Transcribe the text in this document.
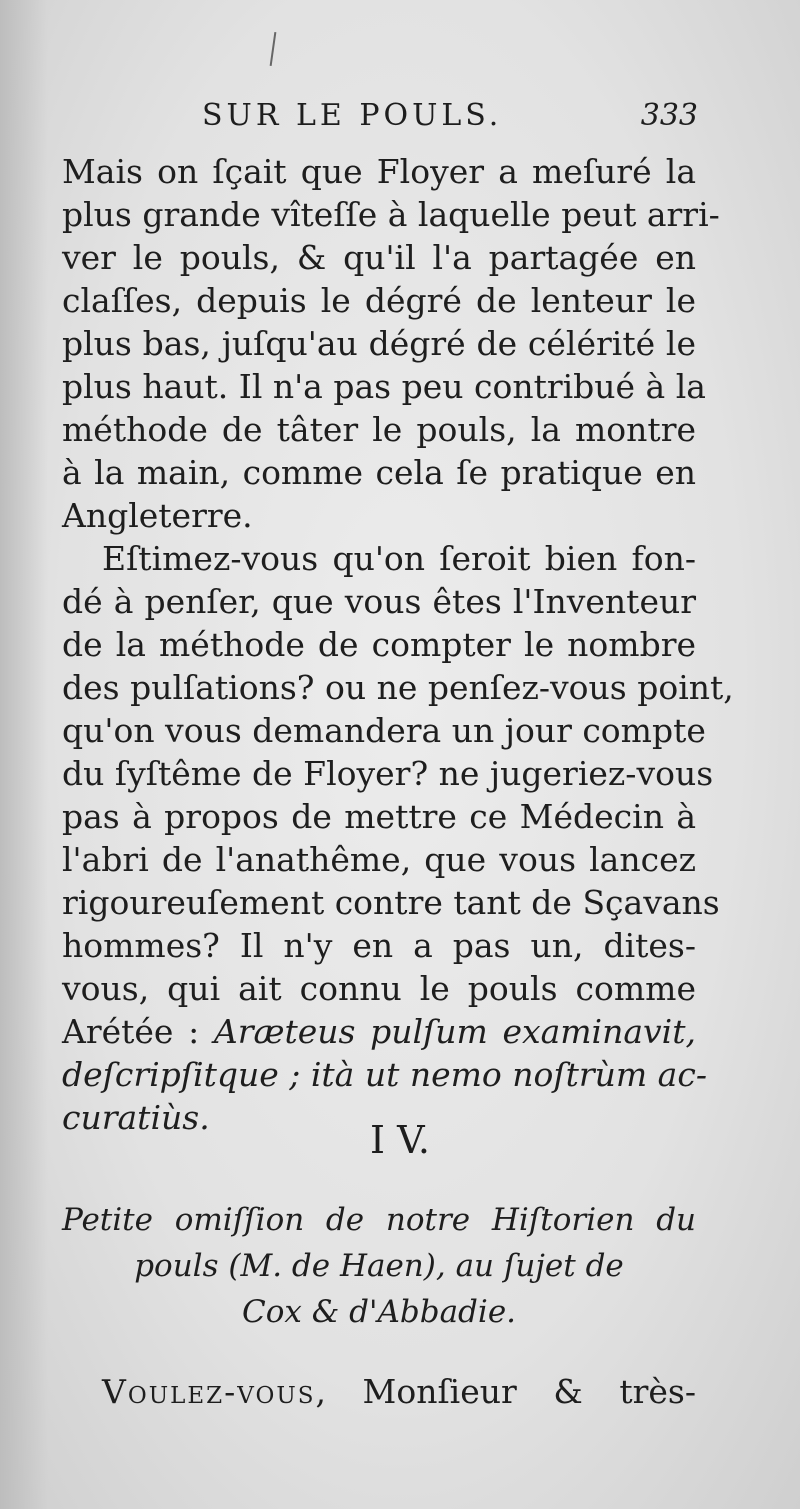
SUR LE POULS.	333
Mais on ſçait que Floyer a meſuré la
plus grande vîteſſe à laquelle peut arri-
ver le pouls, & qu'il l'a partagée en
claſſes, depuis le dégré de lenteur le
plus bas, juſqu'au dégré de célérité le
plus haut. Il n'a pas peu contribué à la
méthode de tâter le pouls, la montre
à la main, comme cela ſe pratique en
Angleterre.
Eſtimez-vous qu'on ſeroit bien fon-
dé à penſer, que vous êtes l'Inventeur
de la méthode de compter le nombre
des pulſations? ou ne penſez-vous point,
qu'on vous demandera un jour compte
du ſyſtême de Floyer? ne jugeriez-vous
pas à propos de mettre ce Médecin à
l'abri de l'anathême, que vous lancez
rigoureuſement contre tant de Sçavans
hommes? Il n'y en a pas un, dites-
vous, qui ait connu le pouls comme
Arétée : Aræteus pulſum examinavit,
deſcripſitque ; ità ut nemo noſtrùm ac-
curatiùs.
I V.
Petite omiſſion de notre Hiſtorien du
pouls (M. de Haen), au ſujet de
Cox & d'Abbadie.
Voulez-vous, Monſieur & très-
